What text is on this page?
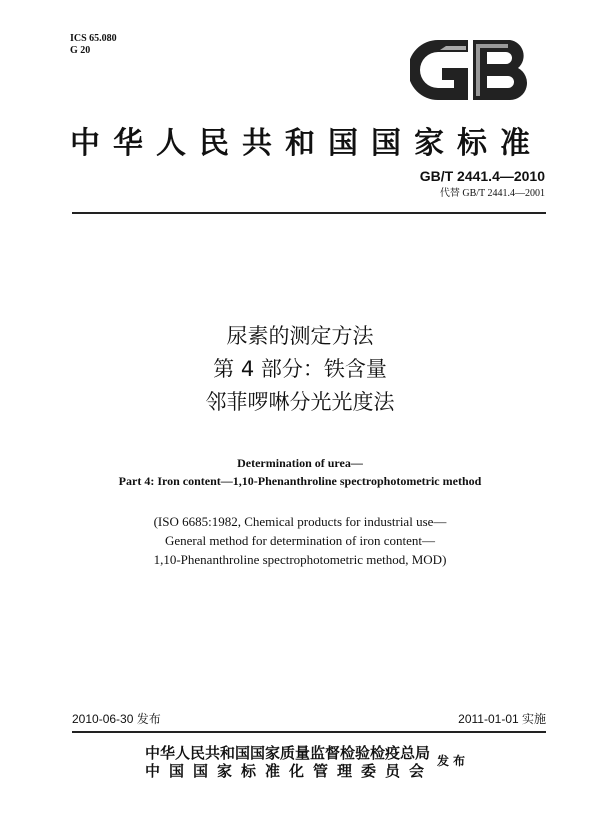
ICS 65.080
G 20
中华人民共和国国家标准
GB/T 2441.4—2010
代替 GB/T 2441.4—2001
尿素的测定方法
第 4 部分：铁含量
邻菲啰啉分光光度法
Determination of urea—
Part 4: Iron content—1,10-Phenanthroline spectrophotometric method
(ISO 6685:1982, Chemical products for industrial use—
General method for determination of iron content—
1,10-Phenanthroline spectrophotometric method, MOD)
2010-06-30 发布	2011-01-01 实施
中华人民共和国国家质量监督检验检疫总局
中国国家标准化管理委员会
发布
